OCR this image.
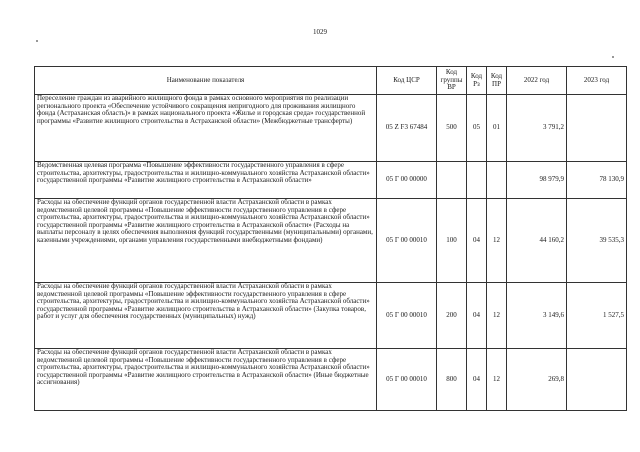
1029
Наименование показателя	Код ЦСР	Код группы ВР	Код Рз	Код ПР	2022 год	2023 год
Переселение граждан из аварийного жилищного фонда в рамках основного мероприятия по реализации регионального проекта «Обеспечение устойчивого сокращения непригодного для проживания жилищного фонда (Астраханская область)» в рамках национального проекта «Жилье и городская среда» государственной программы «Развитие жилищного строительства в Астраханской области» (Межбюджетные трансферты)	05 Z F3 67484	500	05	01	3 791,2	
Ведомственная целевая программа «Повышение эффективности государственного управления в сфере строительства, архитектуры, градостроительства и жилищно-коммунального хозяйства Астраханской области» государственной программы «Развитие жилищного строительства в Астраханской области»	05 Г 00 00000				98 979,9	78 130,9
Расходы на обеспечение функций органов государственной власти Астраханской области в рамках ведомственной целевой программы «Повышение эффективности государственного управления в сфере строительства, архитектуры, градостроительства и жилищно-коммунального хозяйства Астраханской области» государственной программы «Развитие жилищного строительства в Астраханской области» (Расходы на выплаты персоналу в целях обеспечения выполнения функций государственными (муниципальными) органами, казенными учреждениями, органами управления государственными внебюджетными фондами)	05 Г 00 00010	100	04	12	44 160,2	39 535,3
Расходы на обеспечение функций органов государственной власти Астраханской области в рамках ведомственной целевой программы «Повышение эффективности государственного управления в сфере строительства, архитектуры, градостроительства и жилищно-коммунального хозяйства Астраханской области» государственной программы «Развитие жилищного строительства в Астраханской области» (Закупка товаров, работ и услуг для обеспечения государственных (муниципальных) нужд)	05 Г 00 00010	200	04	12	3 149,6	1 527,5
Расходы на обеспечение функций органов государственной власти Астраханской области в рамках ведомственной целевой программы «Повышение эффективности государственного управления в сфере строительства, архитектуры, градостроительства и жилищно-коммунального хозяйства Астраханской области» государственной программы «Развитие жилищного строительства в Астраханской области» (Иные бюджетные ассигнования)	05 Г 00 00010	800	04	12	269,8	
